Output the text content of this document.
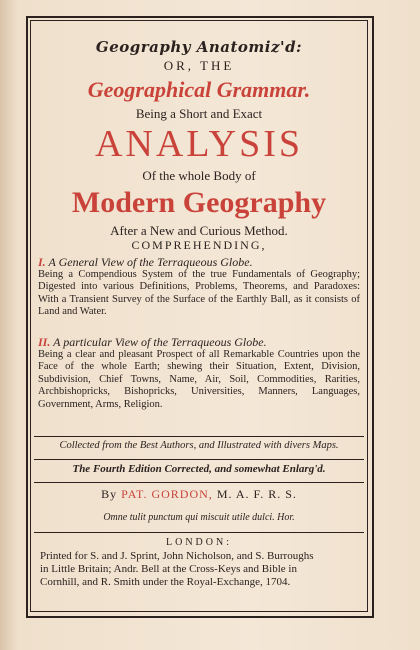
Geography Anatomiz'd:
OR, THE
Geographical Grammar.
Being a Short and Exact
ANALYSIS
Of the whole Body of
Modern Geography
After a New and Curious Method.
COMPREHENDING,
I. A General View of the Terraqueous Globe.
Being a Compendious System of the true Fundamentals of Geography; Digested into various Definitions, Problems, Theorems, and Paradoxes: With a Transient Survey of the Surface of the Earthly Ball, as it consists of Land and Water.
II. A particular View of the Terraqueous Globe.
Being a clear and pleasant Prospect of all Remarkable Countries upon the Face of the whole Earth; shewing their Situation, Extent, Division, Subdivision, Chief Towns, Name, Air, Soil, Commodities, Rarities, Archbishopricks, Bishopricks, Universities, Manners, Languages, Government, Arms, Religion.
Collected from the Best Authors, and Illustrated with divers Maps.
The Fourth Edition Corrected, and somewhat Enlarg'd.
By PAT. GORDON, M. A. F. R. S.
Omne tulit punctum qui miscuit utile dulci. Hor.
LONDON:
Printed for S. and J. Sprint, John Nicholson, and S. Burroughs
in Little Britain; Andr. Bell at the Cross-Keys and Bible in
Cornhill, and R. Smith under the Royal-Exchange, 1704.
